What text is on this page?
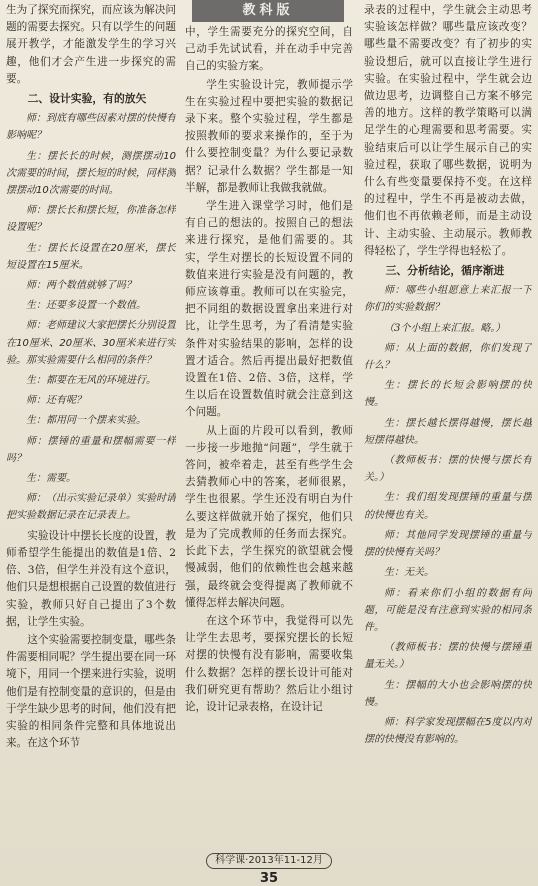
教科版

生为了探究而探究，而应该为解决问题的需要去探究。只有以学生的问题展开教学，才能激发学生的学习兴趣，他们才会产生进一步探究的需要。

二、设计实验，有的放矢

师：到底有哪些因素对摆的快慢有影响呢？

生：摆长长的时候，测摆摆动10次需要的时间，摆长短的时候，同样测摆摆动10次需要的时间。

师：摆长长和摆长短，你准备怎样设置呢？

生：摆长长设置在20厘米，摆长短设置在15厘米。

师：两个数值就够了吗？

生：还要多设置一个数值。

师：老师建议大家把摆长分别设置在10厘米、20厘米、30厘米来进行实验。那实验需要什么相同的条件？

生：都要在无风的环境进行。

师：还有呢？

生：都用同一个摆来实验。

师：摆锤的重量和摆幅需要一样吗？

生：需要。

师：（出示实验记录单）实验时请把实验数据记录在记录表上。

实验设计中摆长长度的设置，教师希望学生能提出的数值是1倍、2倍、3倍，但学生并没有这个意识，他们只是想根据自己设置的数值进行实验，教师只好自己提出了3个数据，让学生实验。

这个实验需要控制变量，哪些条件需要相同呢？学生提出要在同一环境下，用同一个摆来进行实验，说明他们是有控制变量的意识的，但是由于学生缺少思考的时间，他们没有把实验的相同条件完整和具体地说出来。在这个环节

中，学生需要充分的探究空间，自己动手先试试看，并在动手中完善自己的实验方案。

学生实验设计完，教师提示学生在实验过程中要把实验的数据记录下来。整个实验过程，学生都是按照教师的要求来操作的，至于为什么要控制变量？为什么要记录数据？记录什么数据？学生都是一知半解，都是教师让我做我就做。

学生进入课堂学习时，他们是有自己的想法的。按照自己的想法来进行探究，是他们需要的。其实，学生对摆长的长短设置不同的数值来进行实验是没有问题的，教师应该尊重。教师可以在实验完，把不同组的数据设置拿出来进行对比，让学生思考，为了看清楚实验条件对实验结果的影响，怎样的设置才适合。然后再提出最好把数值设置在1倍、2倍、3倍，这样，学生以后在设置数值时就会注意到这个问题。

从上面的片段可以看到，教师一步接一步地抛“问题”，学生就于答问，被牵着走，甚至有些学生会去猜教师心中的答案，老师很累，学生也很累。学生还没有明白为什么要这样做就开始了探究，他们只是为了完成教师的任务而去探究。长此下去，学生探究的欲望就会慢慢减弱，他们的依赖性也会越来越强，最终就会变得提离了教师就不懂得怎样去解决问题。

在这个环节中，我觉得可以先让学生去思考，要探究摆长的长短对摆的快慢有没有影响，需要收集什么数据？怎样的摆长设计可能对我们研究更有帮助？然后让小组讨论，设计记录表格，在设计记

录表的过程中，学生就会主动思考实验该怎样做？哪些量应该改变？哪些量不需要改变？有了初步的实验设想后，就可以直接让学生进行实验。在实验过程中，学生就会边做边思考，边调整自己方案不够完善的地方。这样的教学策略可以满足学生的心理需要和思考需要。实验结束后可以让学生展示自己的实验过程，获取了哪些数据，说明为什么有些变量要保持不变。在这样的过程中，学生不再是被动去做，他们也不再依赖老师，而是主动设计、主动实验、主动展示。教师教得轻松了，学生学得也轻松了。

三、分析结论，循序渐进

师：哪些小组愿意上来汇报一下你们的实验数据？

（3个小组上来汇报。略。）

师：从上面的数据，你们发现了什么？

生：摆长的长短会影响摆的快慢。

生：摆长越长摆得越慢，摆长越短摆得越快。

（教师板书：摆的快慢与摆长有关。）

生：我们组发现摆锤的重量与摆的快慢也有关。

师：其他同学发现摆锤的重量与摆的快慢有关吗？

生：无关。

师：看来你们小组的数据有问题，可能是没有注意到实验的相同条件。

（教师板书：摆的快慢与摆锤重量无关。）

生：摆幅的大小也会影响摆的快慢。

师：科学家发现摆幅在5度以内对摆的快慢没有影响的。

科学课·2013年11-12月
35
